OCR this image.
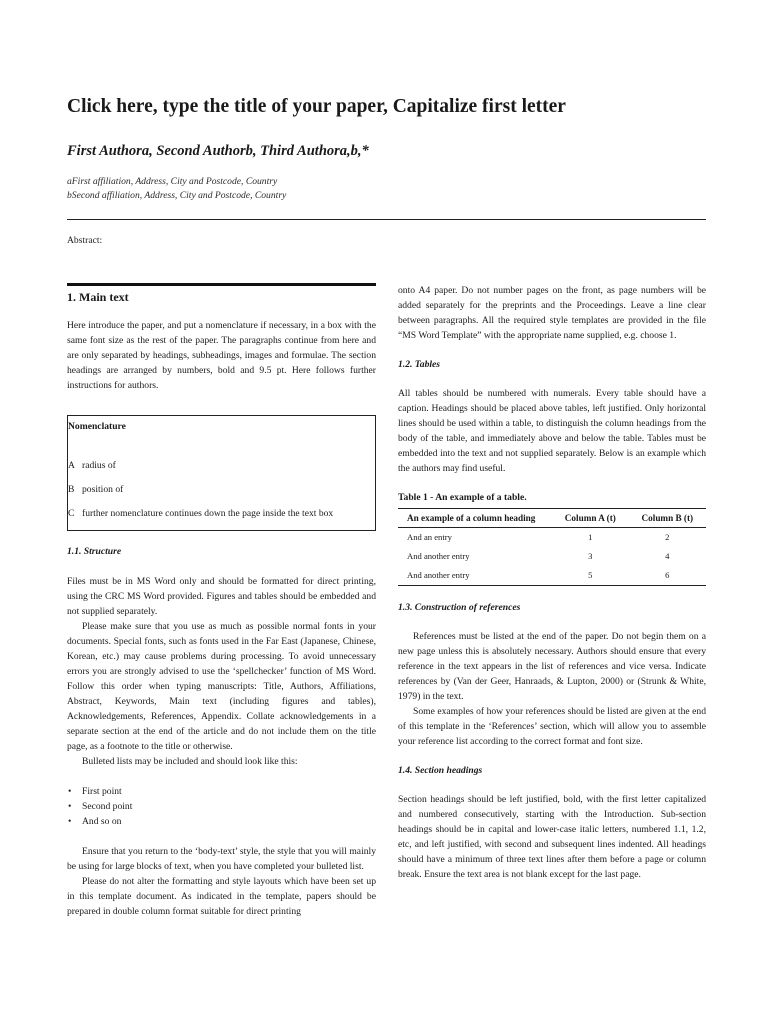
Click here, type the title of your paper, Capitalize first letter
First Authora, Second Authorb, Third Authora,b,*
aFirst affiliation, Address, City and Postcode, Country
bSecond affiliation, Address, City and Postcode, Country
Abstract:
1. Main text

Here introduce the paper, and put a nomenclature if necessary, in a box with the same font size as the rest of the paper. The paragraphs continue from here and are only separated by headings, subheadings, images and formulae. The section headings are arranged by numbers, bold and 9.5 pt. Here follows further instructions for authors.

Nomenclature
A radius of
B position of
C further nomenclature continues down the page inside the text box
1.1. Structure

Files must be in MS Word only and should be formatted for direct printing, using the CRC MS Word provided. Figures and tables should be embedded and not supplied separately.

Please make sure that you use as much as possible normal fonts in your documents. Special fonts, such as fonts used in the Far East (Japanese, Chinese, Korean, etc.) may cause problems during processing. To avoid unnecessary errors you are strongly advised to use the ‘spellchecker’ function of MS Word. Follow this order when typing manuscripts: Title, Authors, Affiliations, Abstract, Keywords, Main text (including figures and tables), Acknowledgements, References, Appendix. Collate acknowledgements in a separate section at the end of the article and do not include them on the title page, as a footnote to the title or otherwise.

Bulleted lists may be included and should look like this:

• First point
• Second point
• And so on

Ensure that you return to the ‘body-text’ style, the style that you will mainly be using for large blocks of text, when you have completed your bulleted list.

Please do not alter the formatting and style layouts which have been set up in this template document. As indicated in the template, papers should be prepared in double column format suitable for direct printing

onto A4 paper. Do not number pages on the front, as page numbers will be added separately for the preprints and the Proceedings. Leave a line clear between paragraphs. All the required style templates are provided in the file “MS Word Template” with the appropriate name supplied, e.g. choose 1.

1.2. Tables

All tables should be numbered with numerals. Every table should have a caption. Headings should be placed above tables, left justified. Only horizontal lines should be used within a table, to distinguish the column headings from the body of the table, and immediately above and below the table. Tables must be embedded into the text and not supplied separately. Below is an example which the authors may find useful.

Table 1 - An example of a table.
An example of a column heading	Column A (t)	Column B (t)
And an entry	1	2
And another entry	3	4
And another entry	5	6
1.3. Construction of references

References must be listed at the end of the paper. Do not begin them on a new page unless this is absolutely necessary. Authors should ensure that every reference in the text appears in the list of references and vice versa. Indicate references by (Van der Geer, Hanraads, & Lupton, 2000) or (Strunk & White, 1979) in the text.

Some examples of how your references should be listed are given at the end of this template in the ‘References’ section, which will allow you to assemble your reference list according to the correct format and font size.

1.4. Section headings

Section headings should be left justified, bold, with the first letter capitalized and numbered consecutively, starting with the Introduction. Sub-section headings should be in capital and lower-case italic letters, numbered 1.1, 1.2, etc, and left justified, with second and subsequent lines indented. All headings should have a minimum of three text lines after them before a page or column break. Ensure the text area is not blank except for the last page.
